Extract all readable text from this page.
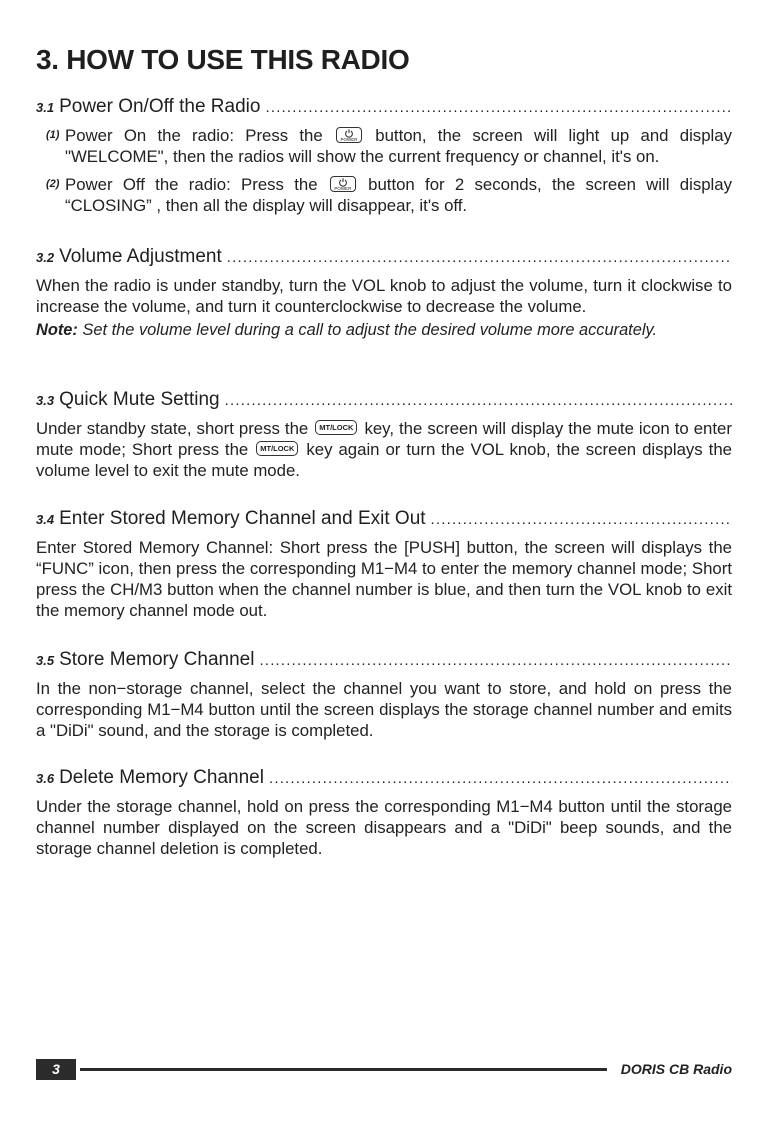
3. HOW TO USE THIS RADIO
3.1 Power On/Off the Radio
.....
(1) Power On the radio: Press the	POWER button, the screen will light up and display "WELCOME", then the radios will show the current frequency or channel, it's on.
(2) Power Off the radio: Press the	POWER button for 2 seconds, the screen will display “CLOSING” , then all the display will disappear, it's off.
3.2 Volume Adjustment
.....
When the radio is under standby, turn the VOL knob to adjust the volume, turn it clockwise to increase the volume, and turn it counterclockwise to decrease the volume.
Note: Set the volume level during a call to adjust the desired volume more accurately.
3.3 Quick Mute Setting
.....
Under standby state, short press the MT/LOCK key, the screen will display the mute icon to enter mute mode; Short press the MT/LOCK key again or turn the VOL knob, the screen displays the volume level to exit the mute mode.
3.4 Enter Stored Memory Channel and Exit Out
.....
Enter Stored Memory Channel: Short press the [PUSH] button, the screen will displays the “FUNC” icon, then press the corresponding M1−M4 to enter the memory channel mode; Short press the CH/M3 button when the channel number is blue, and then turn the VOL knob to exit the memory channel mode out.
3.5 Store Memory Channel
.....
In the non−storage channel, select the channel you want to store, and hold on press the corresponding M1−M4 button until the screen displays the storage channel number and emits a "DiDi" sound, and the storage is completed.
3.6 Delete Memory Channel
.....
Under the storage channel, hold on press the corresponding M1−M4 button until the storage channel number displayed on the screen disappears and a "DiDi" beep sounds, and the storage channel deletion is completed.
3	DORIS CB Radio
